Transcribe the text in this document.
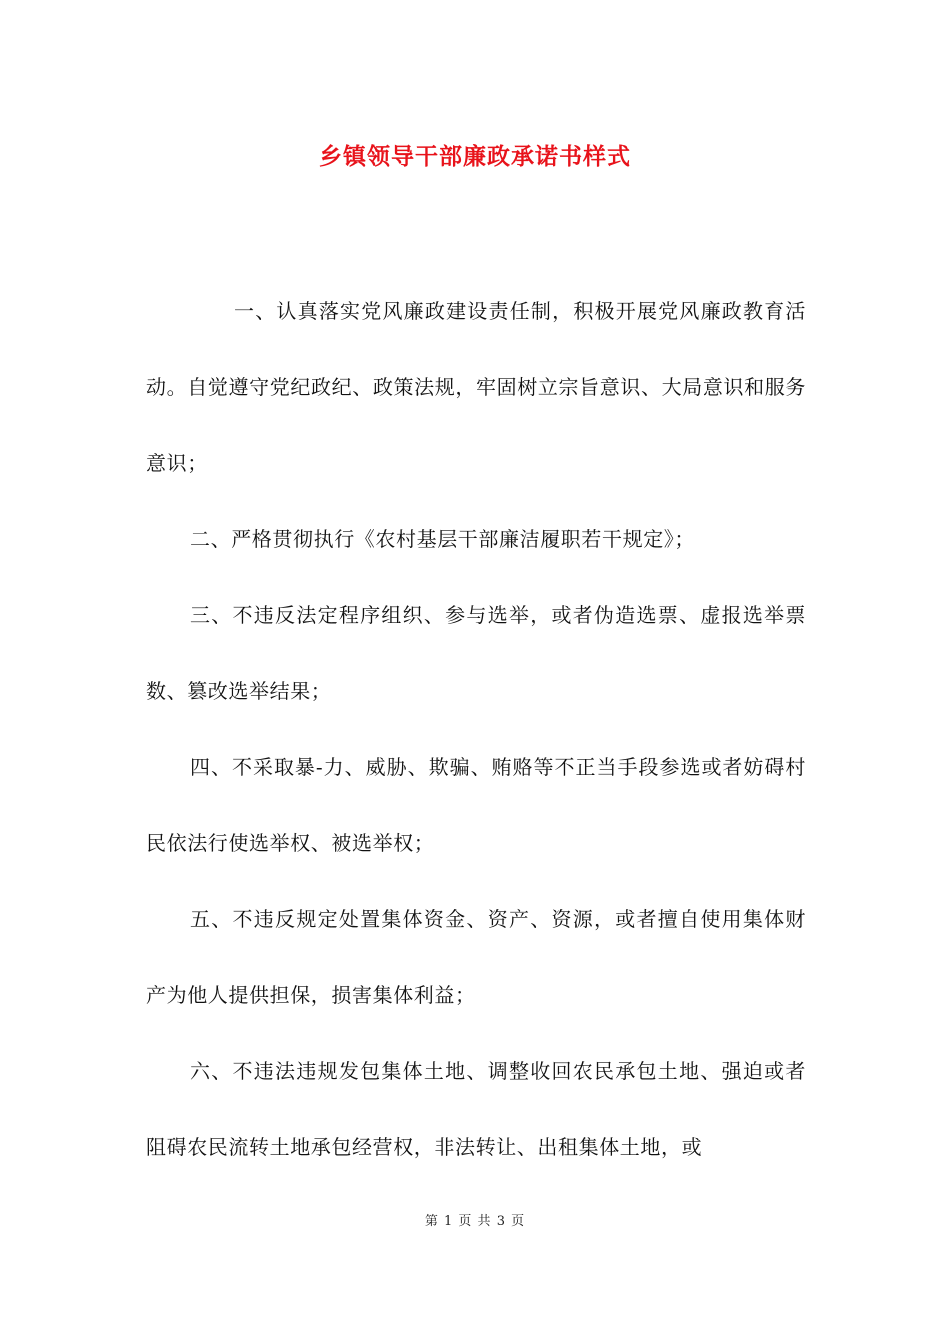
乡镇领导干部廉政承诺书样式

一、认真落实党风廉政建设责任制，积极开展党风廉政教育活动。自觉遵守党纪政纪、政策法规，牢固树立宗旨意识、大局意识和服务意识；

二、严格贯彻执行《农村基层干部廉洁履职若干规定》；

三、不违反法定程序组织、参与选举，或者伪造选票、虚报选举票数、篡改选举结果；

四、不采取暴-力、威胁、欺骗、贿赂等不正当手段参选或者妨碍村民依法行使选举权、被选举权；

五、不违反规定处置集体资金、资产、资源，或者擅自使用集体财产为他人提供担保，损害集体利益；

六、不违法违规发包集体土地、调整收回农民承包土地、强迫或者阻碍农民流转土地承包经营权，非法转让、出租集体土地，或

第 1 页 共 3 页
